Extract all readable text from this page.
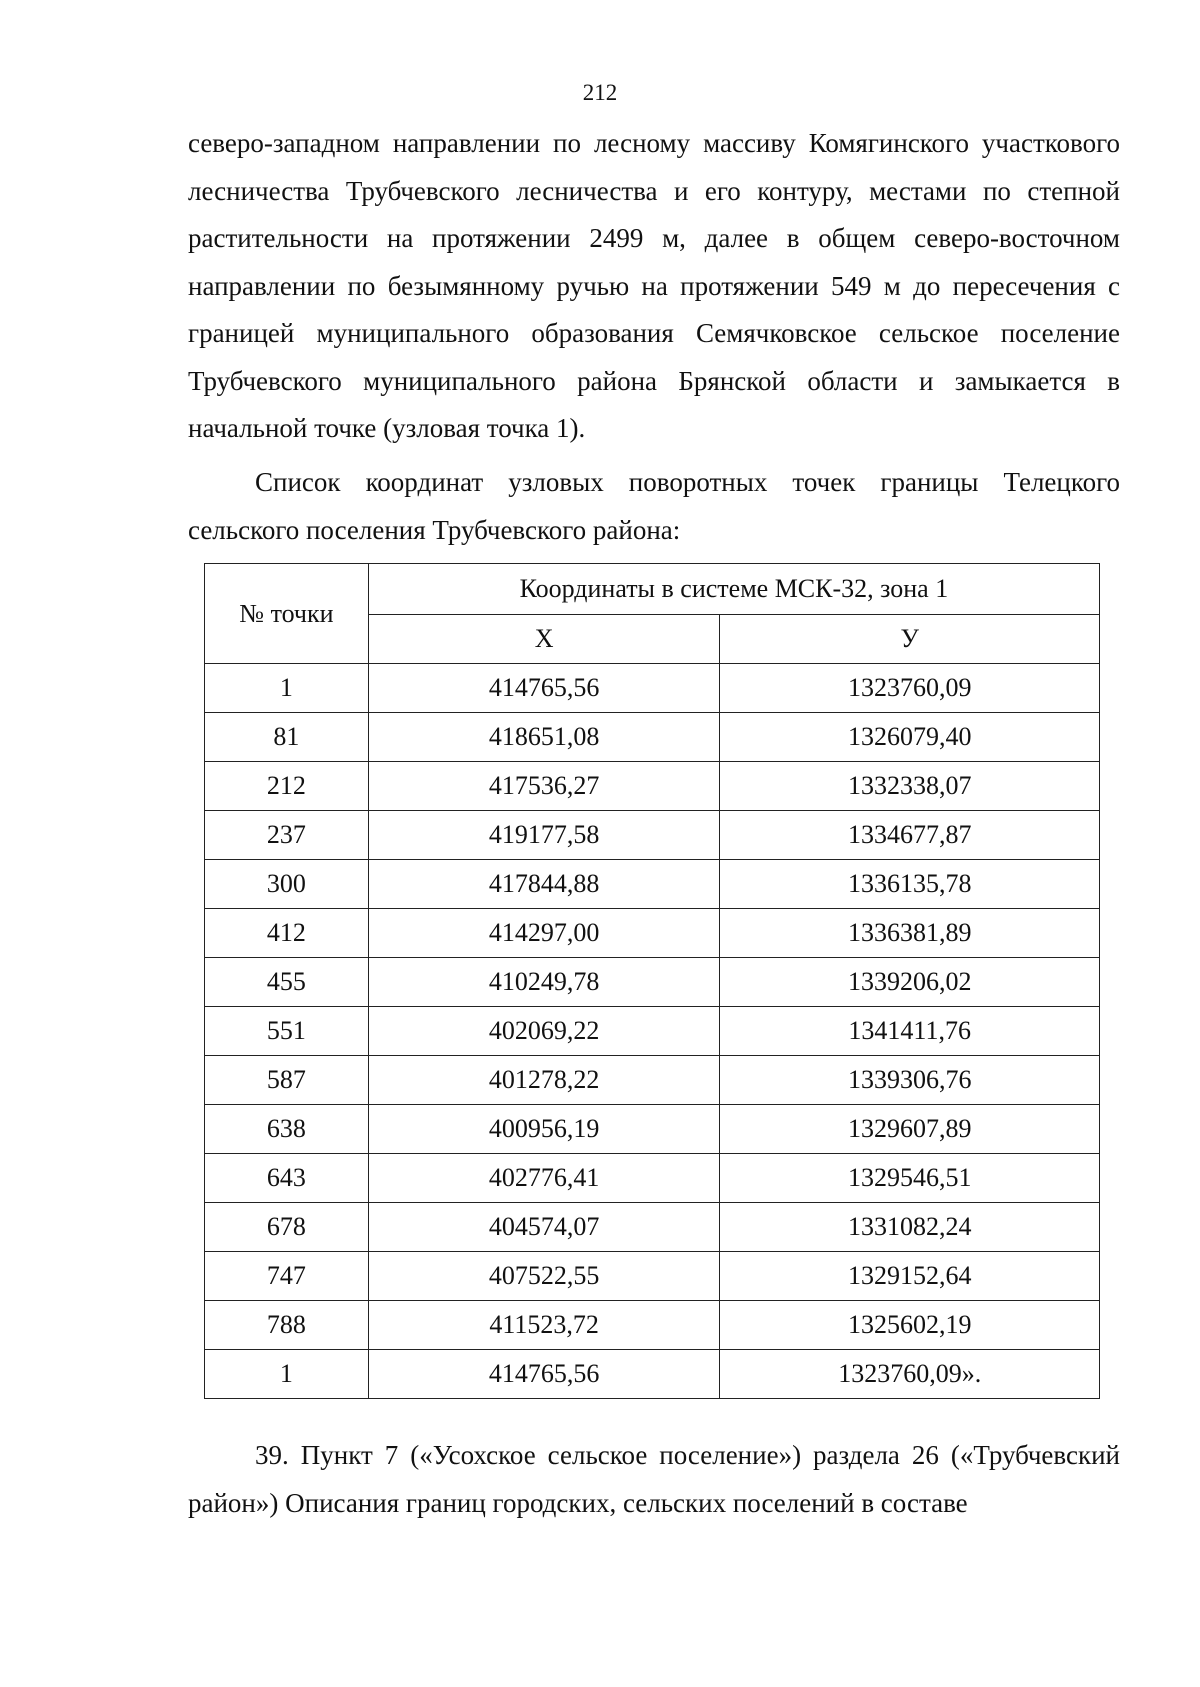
212

северо-западном направлении по лесному массиву Комягинского участкового лесничества Трубчевского лесничества и его контуру, местами по степной растительности на протяжении 2499 м, далее в общем северо-восточном направлении по безымянному ручью на протяжении 549 м до пересечения с границей муниципального образования Семячковское сельское поселение Трубчевского муниципального района Брянской области и замыкается в начальной точке (узловая точка 1).

Список координат узловых поворотных точек границы Телецкого сельского поселения Трубчевского района:

№ точки	Координаты в системе МСК-32, зона 1	
	Х	У
1	414765,56	1323760,09
81	418651,08	1326079,40
212	417536,27	1332338,07
237	419177,58	1334677,87
300	417844,88	1336135,78
412	414297,00	1336381,89
455	410249,78	1339206,02
551	402069,22	1341411,76
587	401278,22	1339306,76
638	400956,19	1329607,89
643	402776,41	1329546,51
678	404574,07	1331082,24
747	407522,55	1329152,64
788	411523,72	1325602,19
1	414765,56	1323760,09».

39. Пункт 7 («Усохское сельское поселение») раздела 26 («Трубчевский район») Описания границ городских, сельских поселений в составе
